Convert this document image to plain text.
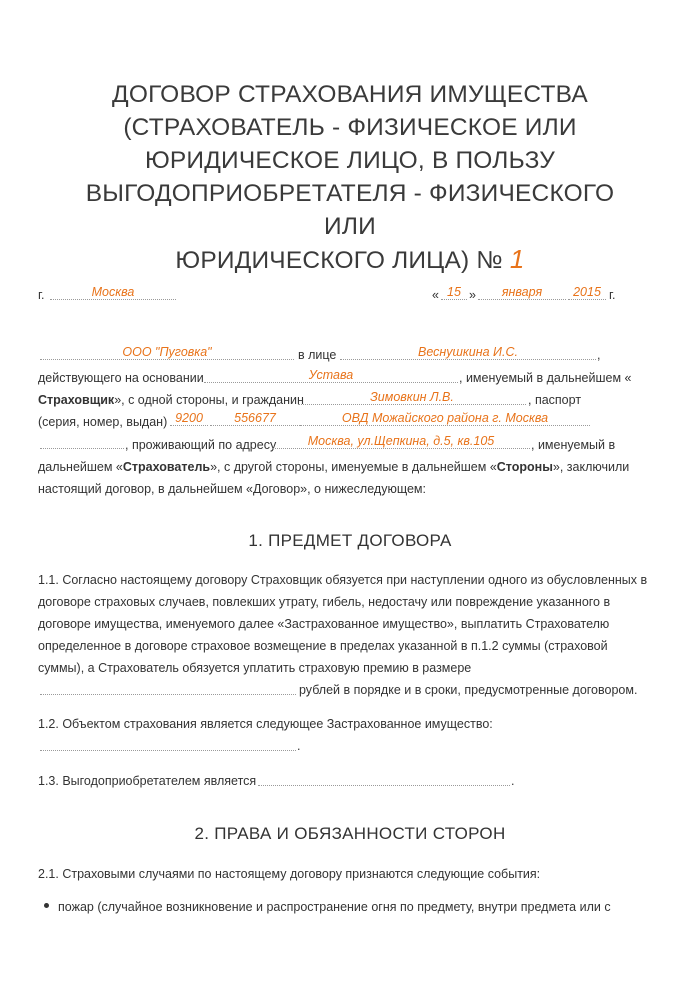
ДОГОВОР СТРАХОВАНИЯ ИМУЩЕСТВА
(СТРАХОВАТЕЛЬ - ФИЗИЧЕСКОЕ ИЛИ
ЮРИДИЧЕСКОЕ ЛИЦО, В ПОЛЬЗУ
ВЫГОДОПРИОБРЕТАТЕЛЯ - ФИЗИЧЕСКОГО ИЛИ
ЮРИДИЧЕСКОГО ЛИЦА) № 1
г.	Москва	« 15 »	января	2015 г.
ООО "Пуговка"	в лице	Веснушкина И.С.	,
действующего на основании	Устава	, именуемый в дальнейшем «
Страховщик», с одной стороны, и гражданин	Зимовкин Л.В.	, паспорт
(серия, номер, выдан) 9200	556677	ОВД Можайского района г. Москва
, проживающий по адресу	Москва, ул.Щепкина, д.5, кв.105	, именуемый в
дальнейшем «Страхователь», с другой стороны, именуемые в дальнейшем «Стороны», заключили
настоящий договор, в дальнейшем «Договор», о нижеследующем:
1. ПРЕДМЕТ ДОГОВОРА
1.1. Согласно настоящему договору Страховщик обязуется при наступлении одного из обусловленных в
договоре страховых случаев, повлекших утрату, гибель, недостачу или повреждение указанного в
договоре имущества, именуемого далее «Застрахованное имущество», выплатить Страхователю
определенное в договоре страховое возмещение в пределах указанной в п.1.2 суммы (страховой
суммы), а Страхователь обязуется уплатить страховую премию в размере
рублей в порядке и в сроки, предусмотренные договором.
1.2. Объектом страхования является следующее Застрахованное имущество:
.
1.3. Выгодоприобретателем является	.
2. ПРАВА И ОБЯЗАННОСТИ СТОРОН
2.1. Страховыми случаями по настоящему договору признаются следующие события:
пожар (случайное возникновение и распространение огня по предмету, внутри предмета или с
